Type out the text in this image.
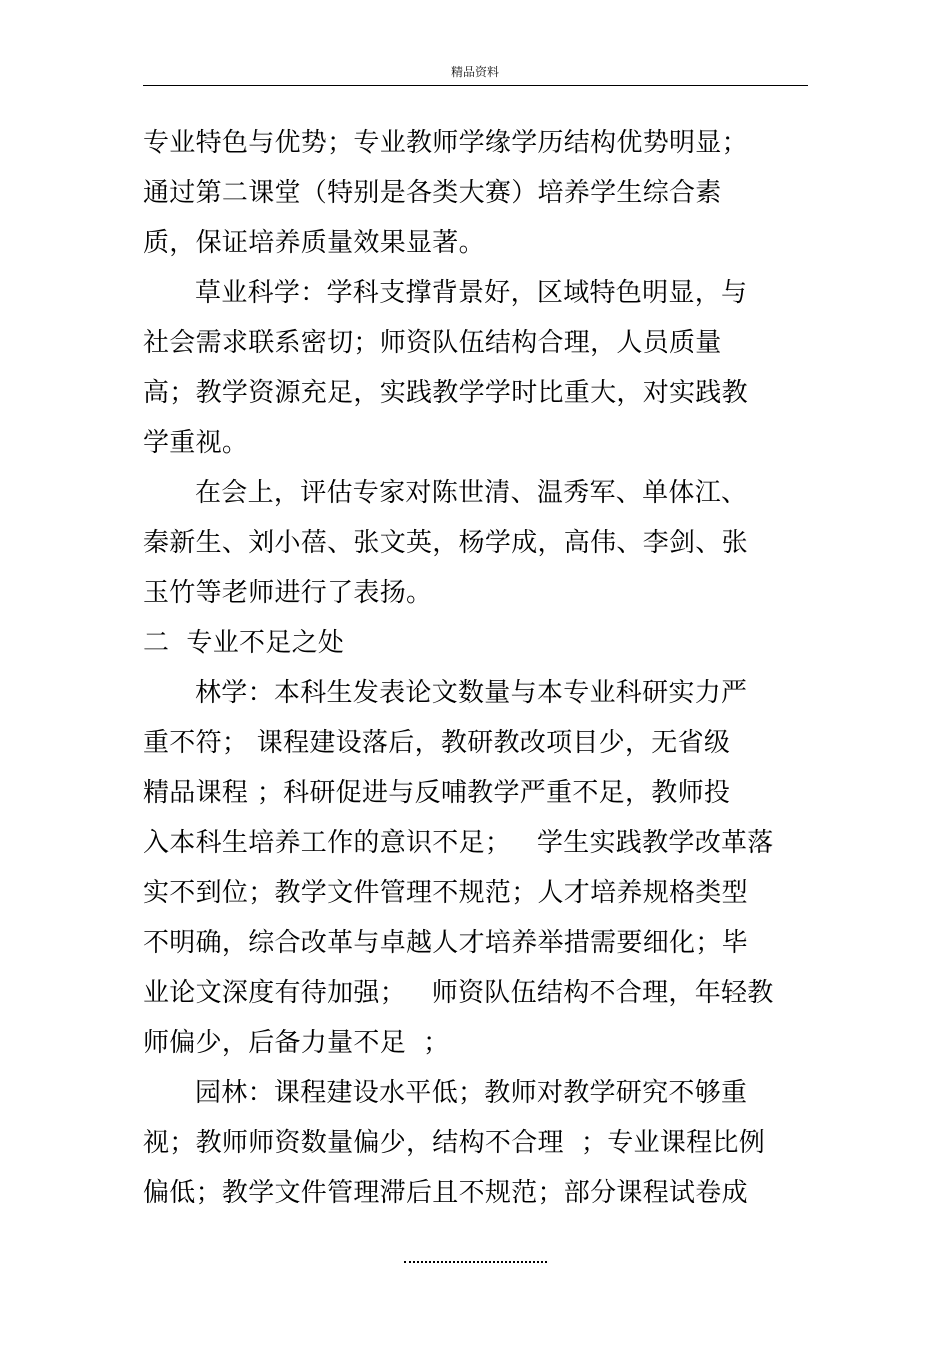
精品资料
专业特色与优势；专业教师学缘学历结构优势明显；
通过第二课堂（特别是各类大赛）培养学生综合素
质，保证培养质量效果显著。
草业科学：学科支撑背景好，区域特色明显，与
社会需求联系密切；师资队伍结构合理，人员质量
高；教学资源充足，实践教学学时比重大，对实践教
学重视。
在会上，评估专家对陈世清、温秀军、单体江、
秦新生、刘小蓓、张文英，杨学成，高伟、李剑、张
玉竹等老师进行了表扬。
二  专业不足之处
林学：本科生发表论文数量与本专业科研实力严
重不符； 课程建设落后，教研教改项目少，无省级
精品课程 ；科研促进与反哺教学严重不足，教师投
入本科生培养工作的意识不足；   学生实践教学改革落
实不到位；教学文件管理不规范；人才培养规格类型
不明确，综合改革与卓越人才培养举措需要细化；毕
业论文深度有待加强；   师资队伍结构不合理，年轻教
师偏少，后备力量不足  ；
园林：课程建设水平低；教师对教学研究不够重
视；教师师资数量偏少，结构不合理  ；专业课程比例
偏低；教学文件管理滞后且不规范；部分课程试卷成
